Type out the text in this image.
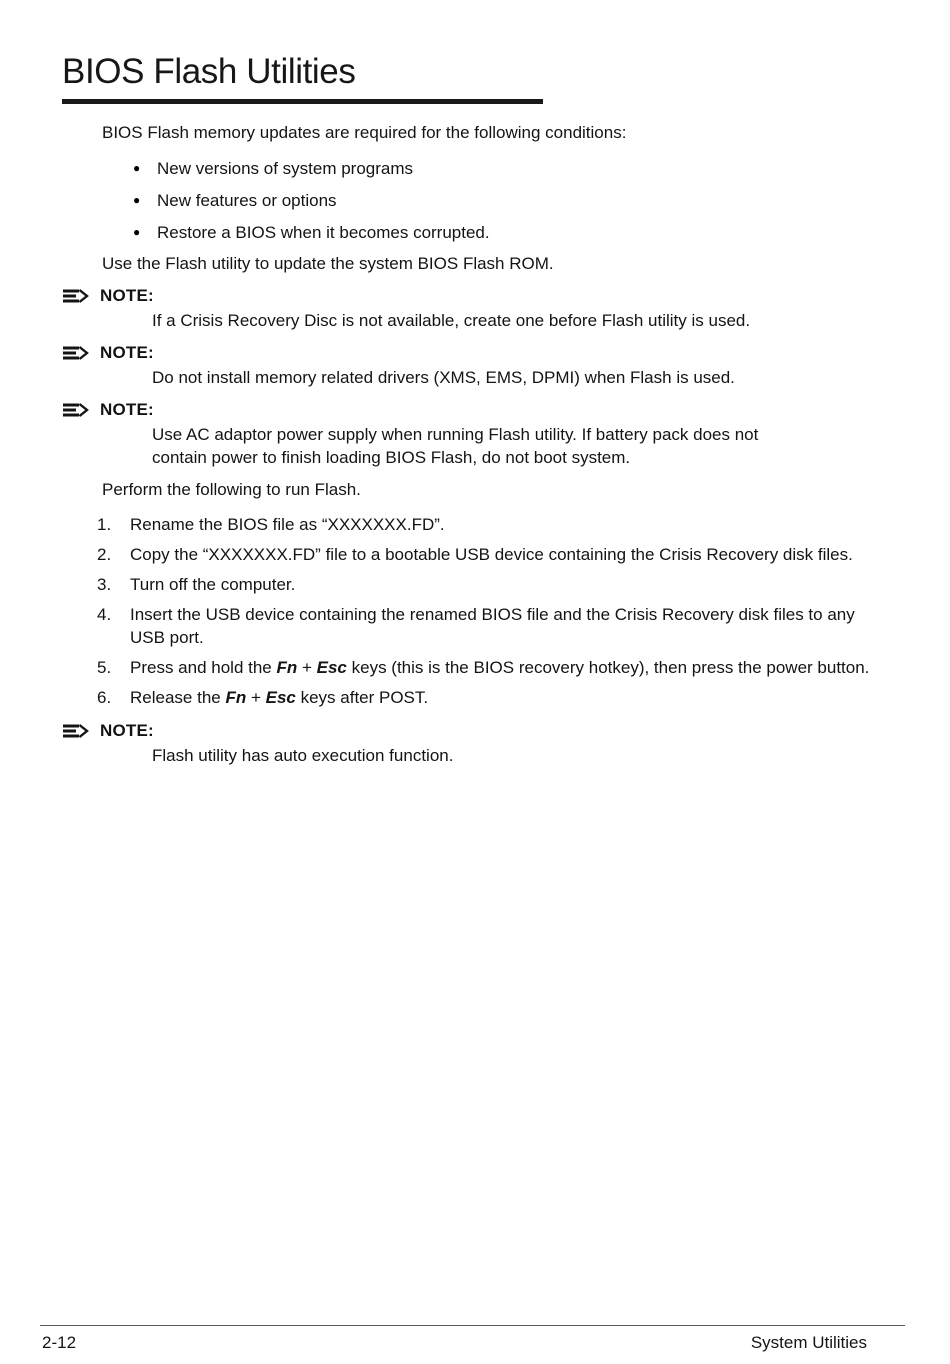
BIOS Flash Utilities

BIOS Flash memory updates are required for the following conditions:

● New versions of system programs
● New features or options
● Restore a BIOS when it becomes corrupted.

Use the Flash utility to update the system BIOS Flash ROM.

NOTE:

If a Crisis Recovery Disc is not available, create one before Flash utility is used.

NOTE:

Do not install memory related drivers (XMS, EMS, DPMI) when Flash is used.

NOTE:

Use AC adaptor power supply when running Flash utility. If battery pack does not contain power to finish loading BIOS Flash, do not boot system.

Perform the following to run Flash.

1.	Rename the BIOS file as “XXXXXXX.FD”.
2.	Copy the “XXXXXXX.FD” file to a bootable USB device containing the Crisis Recovery disk files.
3.	Turn off the computer.
4.	Insert the USB device containing the renamed BIOS file and the Crisis Recovery disk files to any USB port.
5.	Press and hold the Fn + Esc keys (this is the BIOS recovery hotkey), then press the power button.
6.	Release the Fn + Esc keys after POST.
NOTE:

Flash utility has auto execution function.

2-12	System Utilities
